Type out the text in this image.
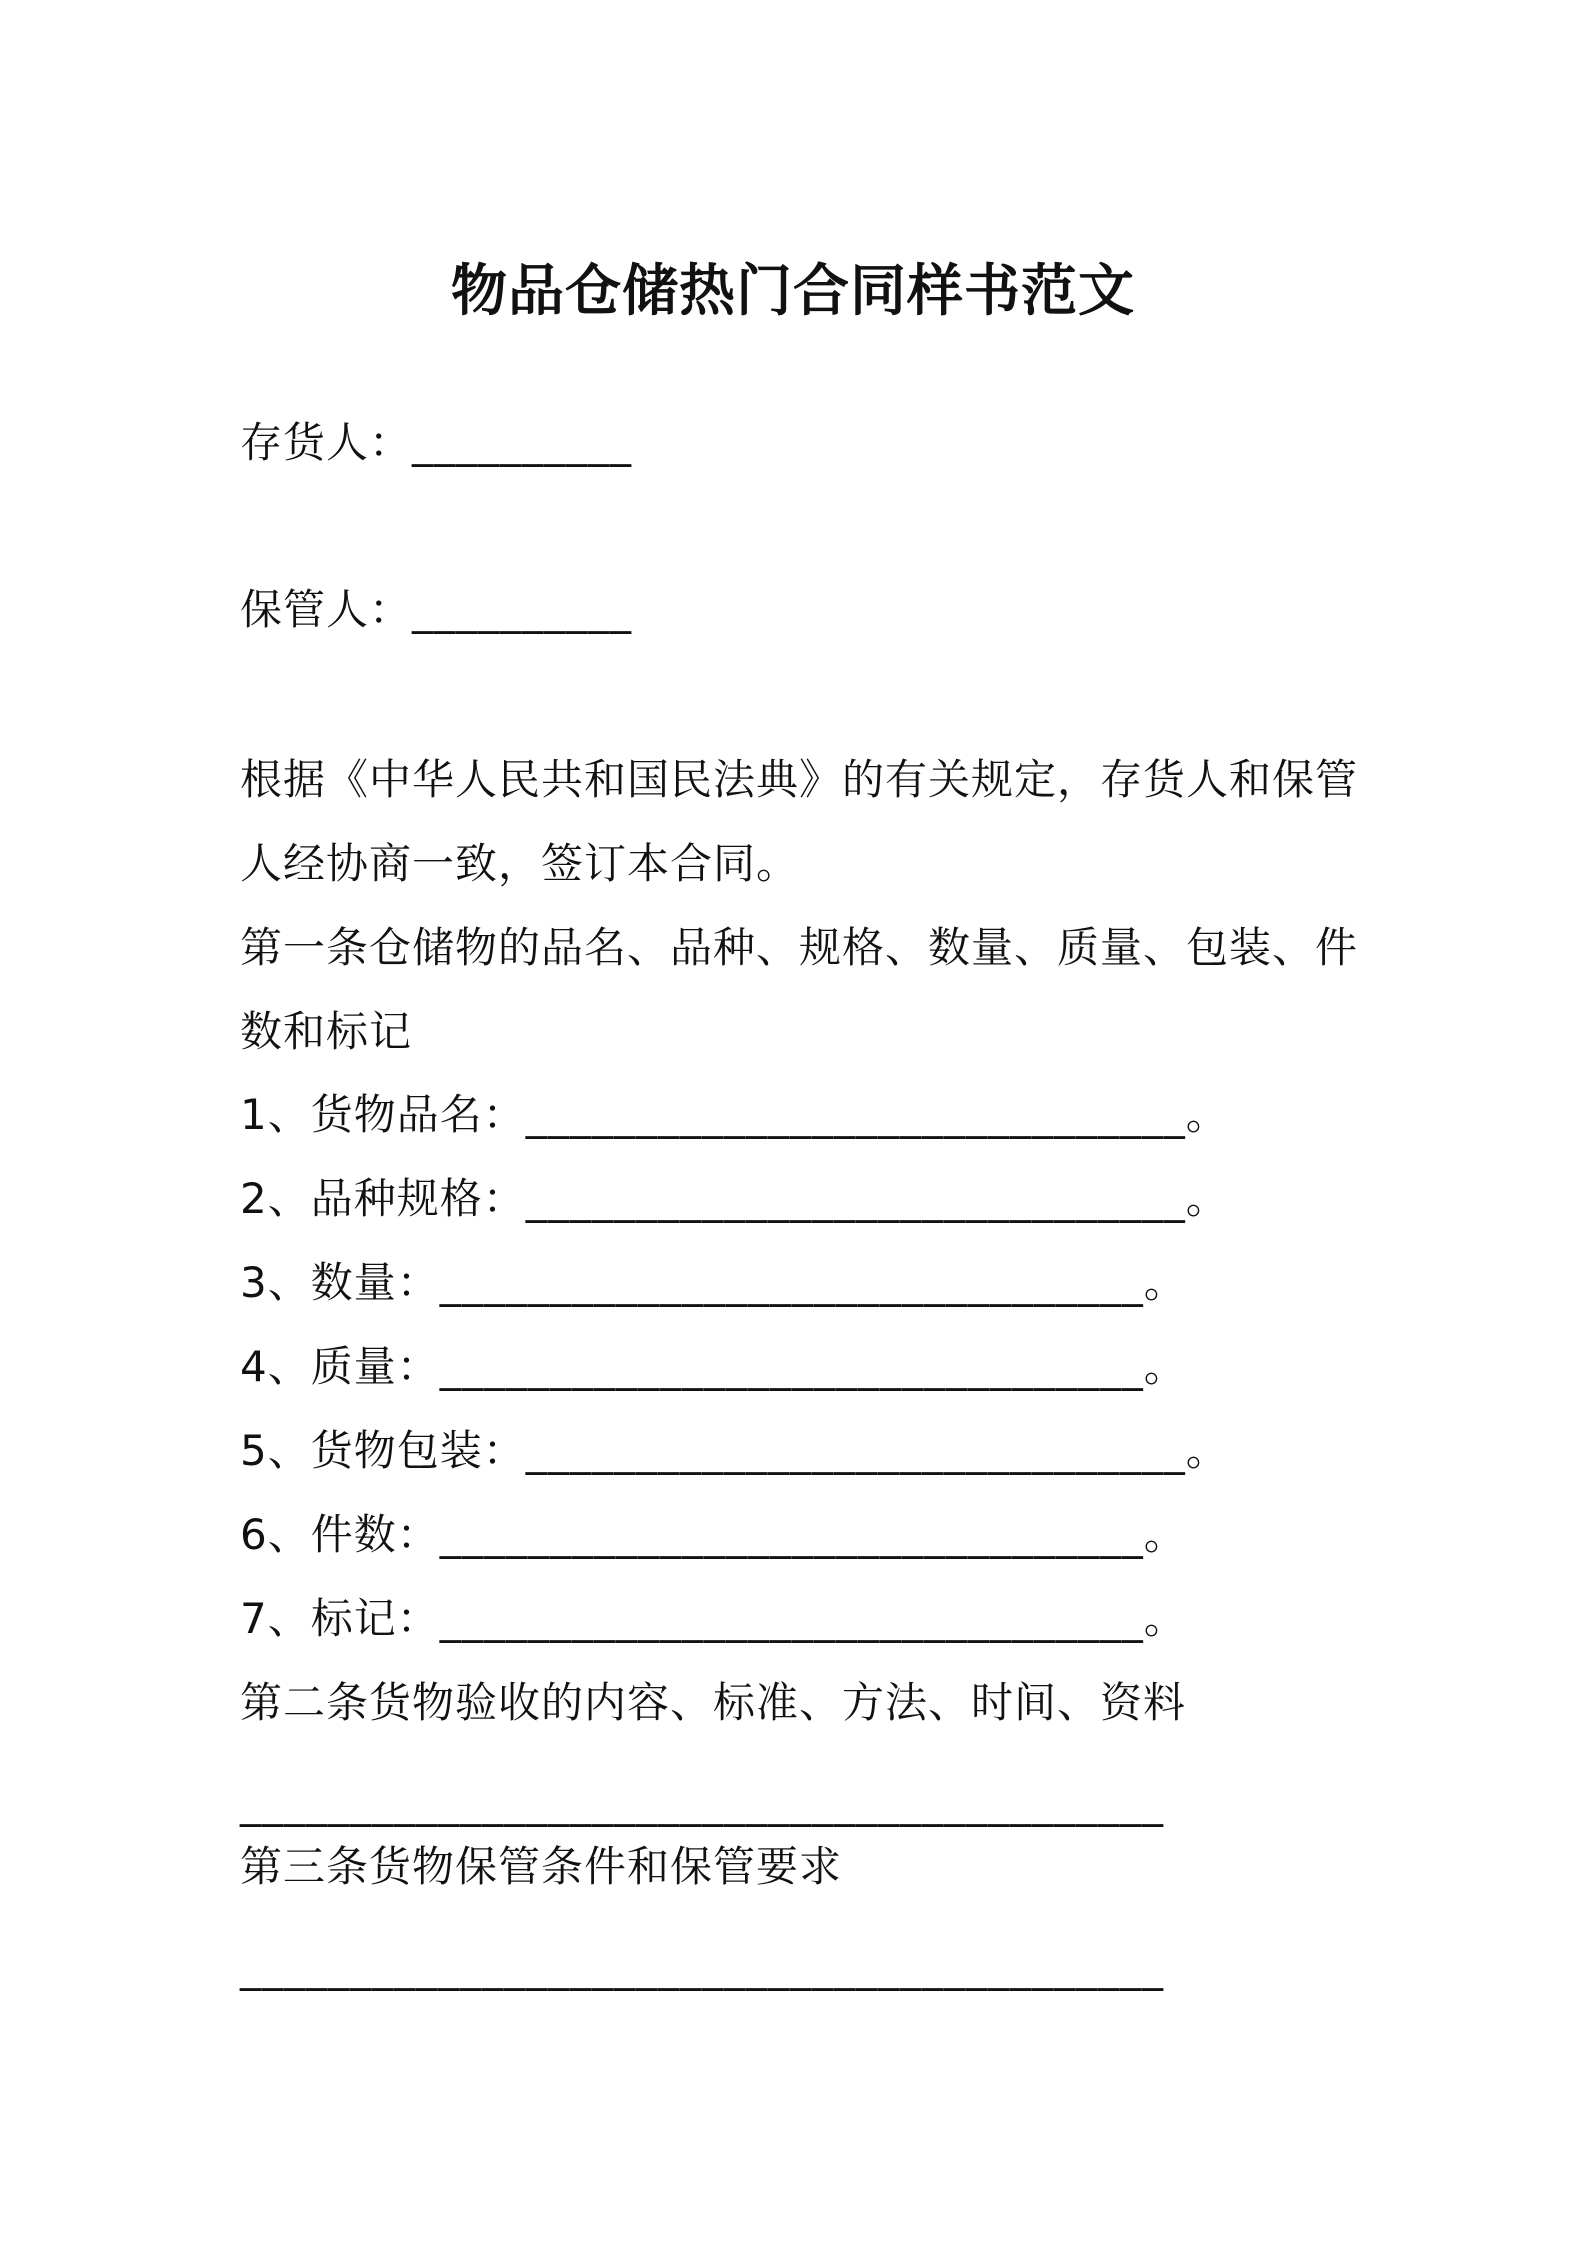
物品仓储热门合同样书范文
存货人：__________
保管人：__________
根据《中华人民共和国民法典》的有关规定，存货人和保管
人经协商一致，签订本合同。
第一条仓储物的品名、品种、规格、数量、质量、包装、件
数和标记
1、货物品名：______________________________。
2、品种规格：______________________________。
3、数量：________________________________。
4、质量：________________________________。
5、货物包装：______________________________。
6、件数：________________________________。
7、标记：________________________________。
第二条货物验收的内容、标准、方法、时间、资料
__________________________________________
第三条货物保管条件和保管要求
__________________________________________
